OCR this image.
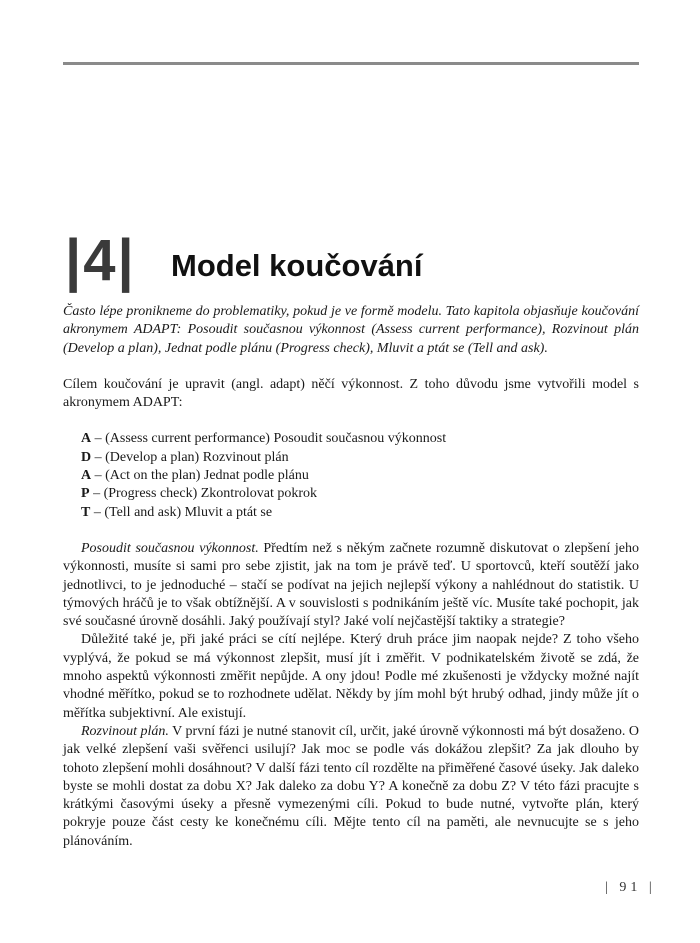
|4| Model koučování

Často lépe pronikneme do problematiky, pokud je ve formě modelu. Tato kapitola objasňuje koučování akronymem ADAPT: Posoudit současnou výkonnost (Assess current performance), Rozvinout plán (Develop a plan), Jednat podle plánu (Progress check), Mluvit a ptát se (Tell and ask).

Cílem koučování je upravit (angl. adapt) něčí výkonnost. Z toho důvodu jsme vytvořili model s akronymem ADAPT:

A – (Assess current performance) Posoudit současnou výkonnost
D – (Develop a plan) Rozvinout plán
A – (Act on the plan) Jednat podle plánu
P – (Progress check) Zkontrolovat pokrok
T – (Tell and ask) Mluvit a ptát se

Posoudit současnou výkonnost. Předtím než s někým začnete rozumně diskutovat o zlepšení jeho výkonnosti, musíte si sami pro sebe zjistit, jak na tom je právě teď. U sportovců, kteří soutěží jako jednotlivci, to je jednoduché – stačí se podívat na jejich nejlepší výkony a nahlédnout do statistik. U týmových hráčů je to však obtížnější. A v souvislosti s podnikáním ještě víc. Musíte také pochopit, jak své současné úrovně dosáhli. Jaký používají styl? Jaké volí nejčastější taktiky a strategie?

Důležité také je, při jaké práci se cítí nejlépe. Který druh práce jim naopak nejde? Z toho všeho vyplývá, že pokud se má výkonnost zlepšit, musí jít i změřit. V podnikatelském životě se zdá, že mnoho aspektů výkonnosti změřit nepůjde. A ony jdou! Podle mé zkušenosti je vždycky možné najít vhodné měřítko, pokud se to rozhodnete udělat. Někdy by jím mohl být hrubý odhad, jindy může jít o měřítka subjektivní. Ale existují.

Rozvinout plán. V první fázi je nutné stanovit cíl, určit, jaké úrovně výkonnosti má být dosaženo. O jak velké zlepšení vaši svěřenci usilují? Jak moc se podle vás dokážou zlepšit? Za jak dlouho by tohoto zlepšení mohli dosáhnout? V další fázi tento cíl rozdělte na přiměřené časové úseky. Jak daleko byste se mohli dostat za dobu X? Jak daleko za dobu Y? A konečně za dobu Z? V této fázi pracujte s krátkými časovými úseky a přesně vymezenými cíli. Pokud to bude nutné, vytvořte plán, který pokryje pouze část cesty ke konečnému cíli. Mějte tento cíl na paměti, ale nevnucujte se s jeho plánováním.

| 91 |
